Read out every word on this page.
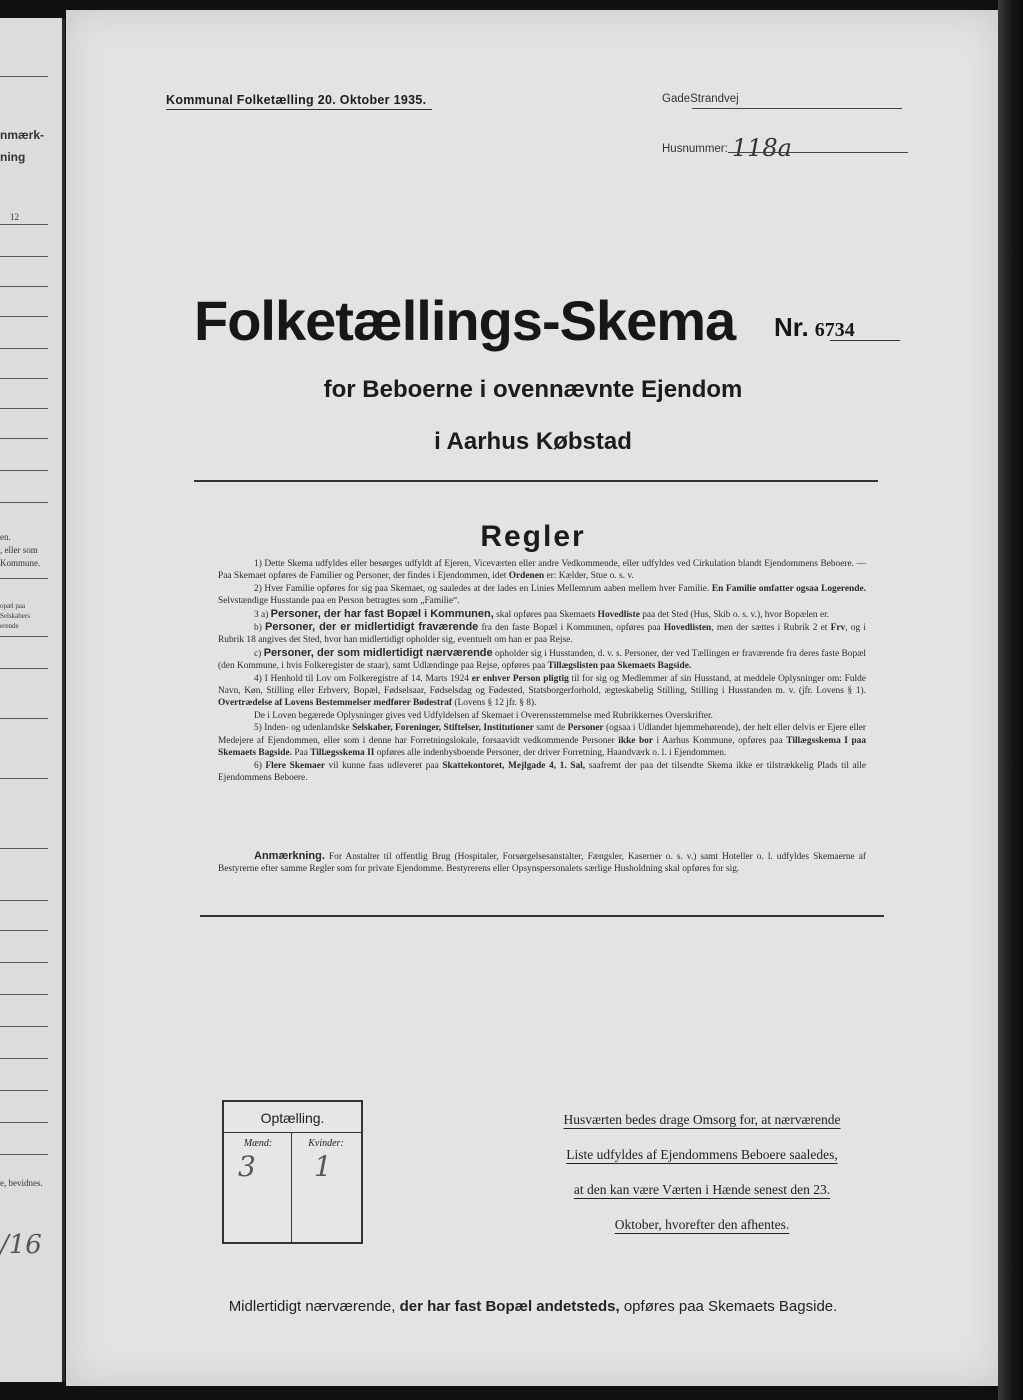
nmærk-
ning
12
en.
, eller som
Kommune.
opæl paa
Selskabers
erende
e, bevidnes.
/16
Kommunal Folketælling 20. Oktober 1935.	GadeStrandvej
Husnummer: 118a
Folketællings-Skema Nr. 6734
for Beboerne i ovennævnte Ejendom
i Aarhus Købstad
Regler

1) Dette Skema udfyldes eller besørges udfyldt af Ejeren, Viceværten eller andre Vedkommende, eller udfyldes ved Cirkulation blandt Ejendommens Beboere. — Paa Skemaet opføres de Familier og Personer, der findes i Ejendommen, idet Ordenen er: Kælder, Stue o. s. v.

2) Hver Familie opføres for sig paa Skemaet, og saaledes at der lades en Linies Mellemrum aaben mellem hver Familie. En Familie omfatter ogsaa Logerende. Selvstændige Husstande paa en Person betragtes som „Familie“.

3 a) Personer, der har fast Bopæl i Kommunen, skal opføres paa Skemaets Hovedliste paa det Sted (Hus, Skib o. s. v.), hvor Bopælen er.

b) Personer, der er midlertidigt fraværende fra den faste Bopæl i Kommunen, opføres paa Hovedlisten, men der sættes i Rubrik 2 et Frv, og i Rubrik 18 angives det Sted, hvor han midlertidigt opholder sig, eventuelt om han er paa Rejse.

c) Personer, der som midlertidigt nærværende opholder sig i Husstanden, d. v. s. Personer, der ved Tællingen er fraværende fra deres faste Bopæl (den Kommune, i hvis Folkeregister de staar), samt Udlændinge paa Rejse, opføres paa Tillægslisten paa Skemaets Bagside.

4) I Henhold til Lov om Folkeregistre af 14. Marts 1924 er enhver Person pligtig til for sig og Medlemmer af sin Husstand, at meddele Oplysninger om: Fulde Navn, Køn, Stilling eller Erhverv, Bopæl, Fødselsaar, Fødselsdag og Fødested, Statsborgerforhold, ægteskabelig Stilling, Stilling i Husstanden m. v. (jfr. Lovens § 1). Overtrædelse af Lovens Bestemmelser medfører Bødestraf (Lovens § 12 jfr. § 8).

De i Loven begærede Oplysninger gives ved Udfyldelsen af Skemaet i Overensstemmelse med Rubrikkernes Overskrifter.

5) Inden- og udenlandske Selskaber, Foreninger, Stiftelser, Institutioner samt de Personer (ogsaa i Udlandet hjemmehørende), der helt eller delvis er Ejere eller Medejere af Ejendommen, eller som i denne har Forretningslokale, forsaavidt vedkommende Personer ikke bor i Aarhus Kommune, opføres paa Tillægsskema I paa Skemaets Bagside. Paa Tillægsskema II opføres alle indenbysboende Personer, der driver Forretning, Haandværk o. l. i Ejendommen.

6) Flere Skemaer vil kunne faas udleveret paa Skattekontoret, Mejlgade 4, 1. Sal, saafremt der paa det tilsendte Skema ikke er tilstrækkelig Plads til alle Ejendommens Beboere.

Anmærkning. For Anstalter til offentlig Brug (Hospitaler, Forsørgelsesanstalter, Fængsler, Kaserner o. s. v.) samt Hoteller o. l. udfyldes Skemaerne af Bestyrerne efter samme Regler som for private Ejendomme. Bestyrerens eller Opsynspersonalets særlige Husholdning skal opføres for sig.

Optælling.
Mænd:	Kvinder:
3 1
Husværten bedes drage Omsorg for, at nærværende
Liste udfyldes af Ejendommens Beboere saaledes,
at den kan være Værten i Hænde senest den 23.
Oktober, hvorefter den afhentes.
Midlertidigt nærværende, der har fast Bopæl andetsteds, opføres paa Skemaets Bagside.
